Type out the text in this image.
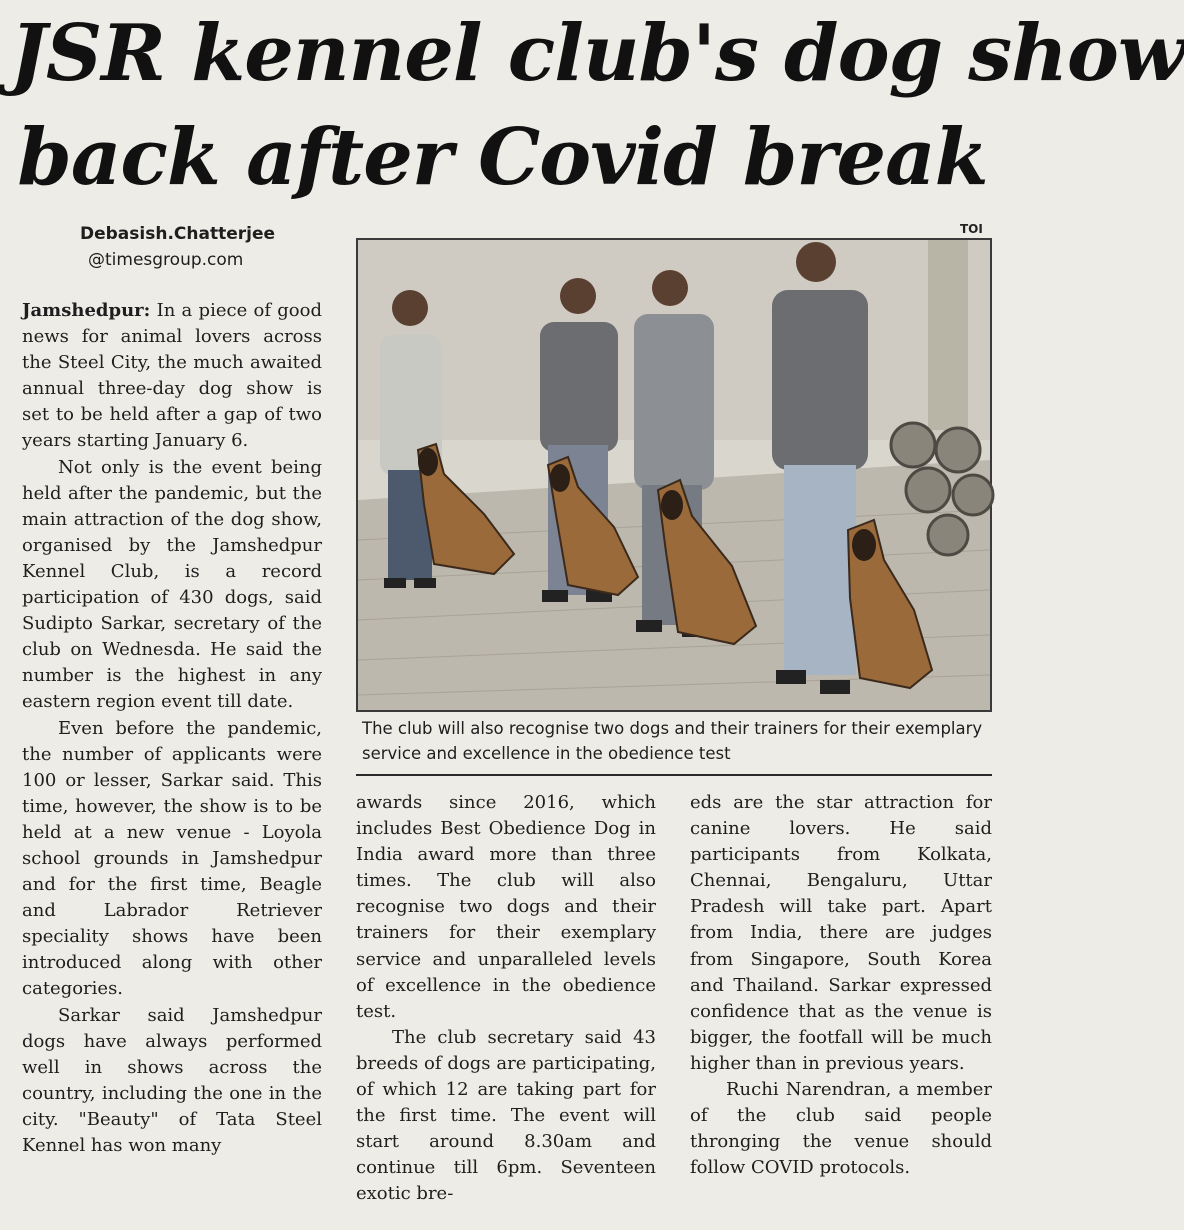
JSR kennel club's dog show
back after Covid break
Debasish.Chatterjee
@timesgroup.com
TOI
The club will also recognise two dogs and their trainers for their exemplary service and excellence in the obedience test

Jamshedpur: In a piece of good news for animal lovers across the Steel City, the much awaited annual three-day dog show is set to be held after a gap of two years starting January 6.

Not only is the event being held after the pandemic, but the main attraction of the dog show, organised by the Jamshedpur Kennel Club, is a record participation of 430 dogs, said Sudipto Sarkar, secretary of the club on Wednesda. He said the number is the highest in any eastern region event till date.

Even before the pandemic, the number of applicants were 100 or lesser, Sarkar said. This time, however, the show is to be held at a new venue - Loyola school grounds in Jamshedpur and for the first time, Beagle and Labrador Retriever speciality shows have been introduced along with other categories.

Sarkar said Jamshedpur dogs have always performed well in shows across the country, including the one in the city. "Beauty" of Tata Steel Kennel has won many

awards since 2016, which includes Best Obedience Dog in India award more than three times. The club will also recognise two dogs and their trainers for their exemplary service and unparalleled levels of excellence in the obedience test.

The club secretary said 43 breeds of dogs are participating, of which 12 are taking part for the first time. The event will start around 8.30am and continue till 6pm. Seventeen exotic bre-

eds are the star attraction for canine lovers. He said participants from Kolkata, Chennai, Bengaluru, Uttar Pradesh will take part. Apart from India, there are judges from Singapore, South Korea and Thailand. Sarkar expressed confidence that as the venue is bigger, the footfall will be much higher than in previous years.

Ruchi Narendran, a member of the club said people thronging the venue should follow COVID protocols.
